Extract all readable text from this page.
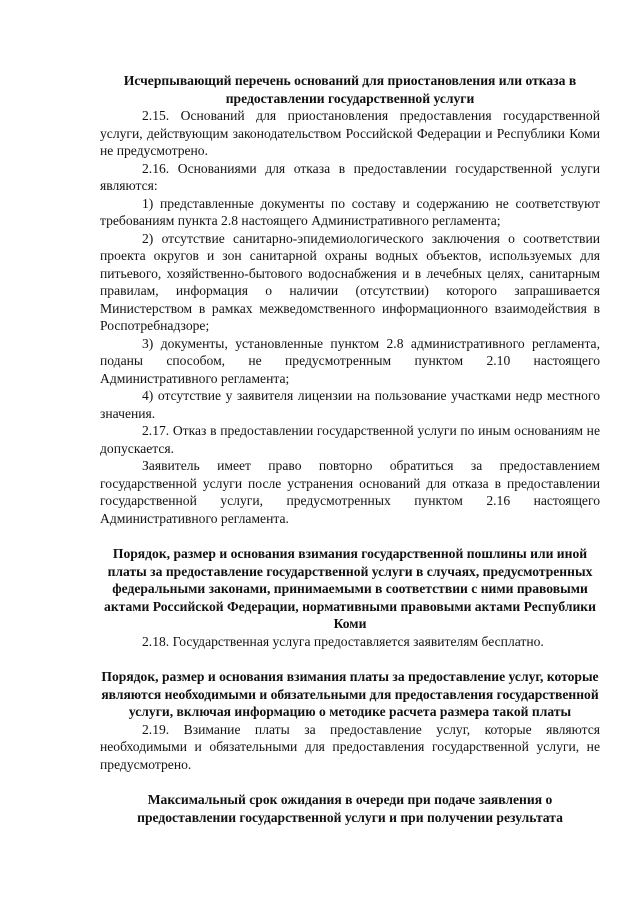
Исчерпывающий перечень оснований для приостановления или отказа в предоставлении государственной услуги

2.15. Оснований для приостановления предоставления государственной услуги, действующим законодательством Российской Федерации и Республики Коми не предусмотрено.

2.16. Основаниями для отказа в предоставлении государственной услуги являются:

1) представленные документы по составу и содержанию не соответствуют требованиям пункта 2.8 настоящего Административного регламента;

2) отсутствие санитарно-эпидемиологического заключения о соответствии проекта округов и зон санитарной охраны водных объектов, используемых для питьевого, хозяйственно-бытового водоснабжения и в лечебных целях, санитарным правилам, информация о наличии (отсутствии) которого запрашивается Министерством в рамках межведомственного информационного взаимодействия в Роспотребнадзоре;

3) документы, установленные пунктом 2.8 административного регламента, поданы способом, не предусмотренным пунктом 2.10 настоящего Административного регламента;

4) отсутствие у заявителя лицензии на пользование участками недр местного значения.

2.17. Отказ в предоставлении государственной услуги по иным основаниям не допускается.

Заявитель имеет право повторно обратиться за предоставлением государственной услуги после устранения оснований для отказа в предоставлении государственной услуги, предусмотренных пунктом 2.16 настоящего Административного регламента.

Порядок, размер и основания взимания государственной пошлины или иной платы за предоставление государственной услуги в случаях, предусмотренных федеральными законами, принимаемыми в соответствии с ними правовыми актами Российской Федерации, нормативными правовыми актами Республики Коми

2.18. Государственная услуга предоставляется заявителям бесплатно.

Порядок, размер и основания взимания платы за предоставление услуг, которые являются необходимыми и обязательными для предоставления государственной услуги, включая информацию о методике расчета размера такой платы

2.19. Взимание платы за предоставление услуг, которые являются необходимыми и обязательными для предоставления государственной услуги, не предусмотрено.

Максимальный срок ожидания в очереди при подаче заявления о предоставлении государственной услуги и при получении результата
